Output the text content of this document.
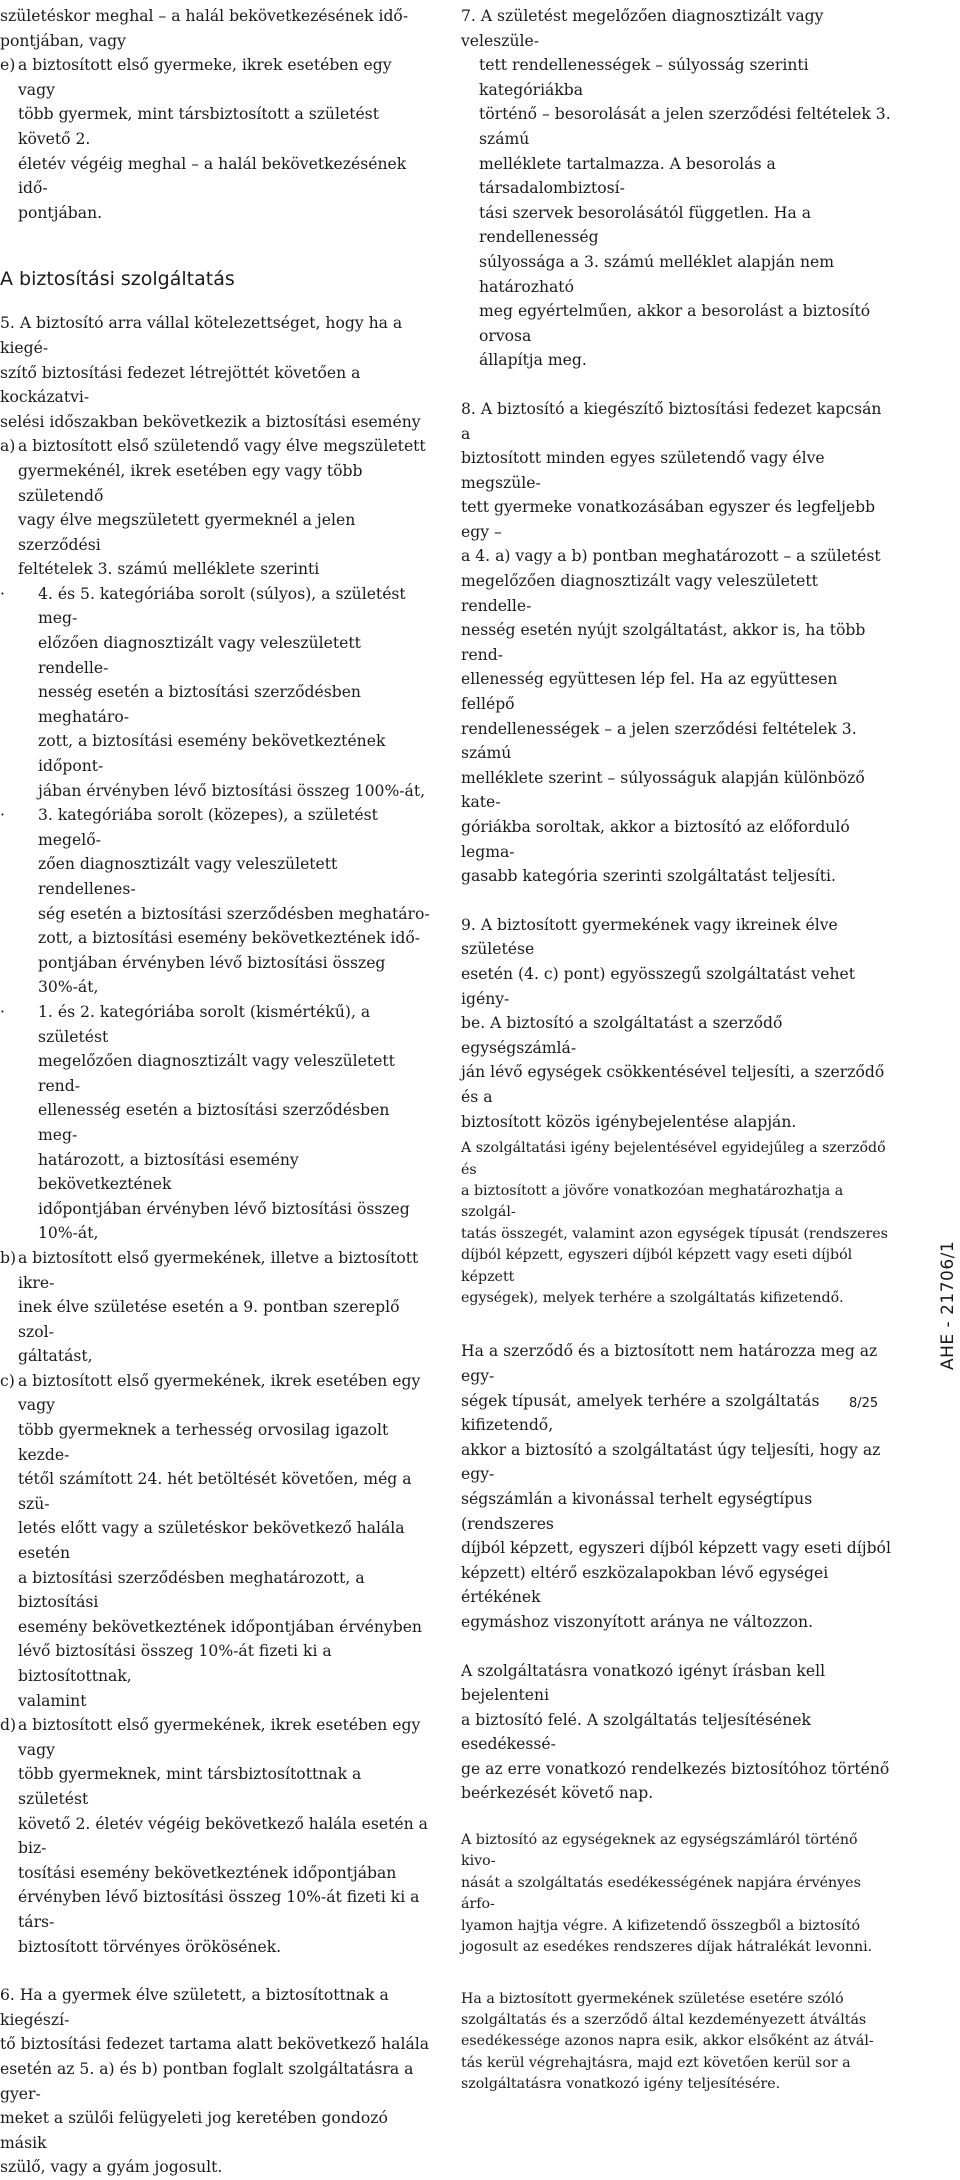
születéskor meghal – a halál bekövetkezésének idő-

pontjában, vagy

e) a biztosított első gyermeke, ikrek esetében egy vagy

több gyermek, mint társbiztosított a születést követő 2.

életév végéig meghal – a halál bekövetkezésének idő-

pontjában.

A biztosítási szolgáltatás

5. A biztosító arra vállal kötelezettséget, hogy ha a kiegé-

szítő biztosítási fedezet létrejöttét követően a kockázatvi-

selési időszakban bekövetkezik a biztosítási esemény

a) a biztosított első születendő vagy élve megszületett

gyermekénél, ikrek esetében egy vagy több születendő

vagy élve megszületett gyermeknél a jelen szerződési

feltételek 3. számú melléklete szerinti

·	4. és 5. kategóriába sorolt (súlyos), a születést meg-

előzően diagnosztizált vagy veleszületett rendelle-

nesség esetén a biztosítási szerződésben meghatáro-

zott, a biztosítási esemény bekövetkeztének időpont-

jában érvényben lévő biztosítási összeg 100%-át,

·	3. kategóriába sorolt (közepes), a születést megelő-

zően diagnosztizált vagy veleszületett rendellenes-

ség esetén a biztosítási szerződésben meghatáro-

zott, a biztosítási esemény bekövetkeztének idő-

pontjában érvényben lévő biztosítási összeg 30%-át,

·	1. és 2. kategóriába sorolt (kismértékű), a születést

megelőzően diagnosztizált vagy veleszületett rend-

ellenesség esetén a biztosítási szerződésben meg-

határozott, a biztosítási esemény bekövetkeztének

időpontjában érvényben lévő biztosítási összeg

10%-át,

b) a biztosított első gyermekének, illetve a biztosított ikre-

inek élve születése esetén a 9. pontban szereplő szol-

gáltatást,

c) a biztosított első gyermekének, ikrek esetében egy vagy

több gyermeknek a terhesség orvosilag igazolt kezde-

tétől számított 24. hét betöltését követően, még a szü-

letés előtt vagy a születéskor bekövetkező halála esetén

a biztosítási szerződésben meghatározott, a biztosítási

esemény bekövetkeztének időpontjában érvényben

lévő biztosítási összeg 10%-át fizeti ki a biztosítottnak,

valamint

d) a biztosított első gyermekének, ikrek esetében egy vagy

több gyermeknek, mint társbiztosítottnak a születést

követő 2. életév végéig bekövetkező halála esetén a biz-

tosítási esemény bekövetkeztének időpontjában

érvényben lévő biztosítási összeg 10%-át fizeti ki a társ-

biztosított törvényes örökösének.

6. Ha a gyermek élve született, a biztosítottnak a kiegészí-

tő biztosítási fedezet tartama alatt bekövetkező halála

esetén az 5. a) és b) pontban foglalt szolgáltatásra a gyer-

meket a szülői felügyeleti jog keretében gondozó másik

szülő, vagy a gyám jogosult.

7. A születést megelőzően diagnosztizált vagy veleszüle-

tett rendellenességek – súlyosság szerinti kategóriákba

történő – besorolását a jelen szerződési feltételek 3. számú

melléklete tartalmazza. A besorolás a társadalombiztosí-

tási szervek besorolásától független. Ha a rendellenesség

súlyossága a 3. számú melléklet alapján nem határozható

meg egyértelműen, akkor a besorolást a biztosító orvosa

állapítja meg.

8. A biztosító a kiegészítő biztosítási fedezet kapcsán a

biztosított minden egyes születendő vagy élve megszüle-

tett gyermeke vonatkozásában egyszer és legfeljebb egy –

a 4. a) vagy a b) pontban meghatározott – a születést

megelőzően diagnosztizált vagy veleszületett rendelle-

nesség esetén nyújt szolgáltatást, akkor is, ha több rend-

ellenesség együttesen lép fel. Ha az együttesen fellépő

rendellenességek – a jelen szerződési feltételek 3. számú

melléklete szerint – súlyosságuk alapján különböző kate-

góriákba soroltak, akkor a biztosító az előforduló legma-

gasabb kategória szerinti szolgáltatást teljesíti.

9. A biztosított gyermekének vagy ikreinek élve születése

esetén (4. c) pont) egyösszegű szolgáltatást vehet igény-

be. A biztosító a szolgáltatást a szerződő egységszámlá-

ján lévő egységek csökkentésével teljesíti, a szerződő és a

biztosított közös igénybejelentése alapján.

A szolgáltatási igény bejelentésével egyidejűleg a szerződő és

a biztosított a jövőre vonatkozóan meghatározhatja a szolgál-

tatás összegét, valamint azon egységek típusát (rendszeres

díjból képzett, egyszeri díjból képzett vagy eseti díjból képzett

egységek), melyek terhére a szolgáltatás kifizetendő.

Ha a szerződő és a biztosított nem határozza meg az egy-

ségek típusát, amelyek terhére a szolgáltatás kifizetendő,

akkor a biztosító a szolgáltatást úgy teljesíti, hogy az egy-

ségszámlán a kivonással terhelt egységtípus (rendszeres

díjból képzett, egyszeri díjból képzett vagy eseti díjból

képzett) eltérő eszközalapokban lévő egységei értékének

egymáshoz viszonyított aránya ne változzon.

A szolgáltatásra vonatkozó igényt írásban kell bejelenteni

a biztosító felé. A szolgáltatás teljesítésének esedékessé-

ge az erre vonatkozó rendelkezés biztosítóhoz történő

beérkezését követő nap.

A biztosító az egységeknek az egységszámláról történő kivo-

nását a szolgáltatás esedékességének napjára érvényes árfo-

lyamon hajtja végre. A kifizetendő összegből a biztosító

jogosult az esedékes rendszeres díjak hátralékát levonni.

Ha a biztosított gyermekének születése esetére szóló

szolgáltatás és a szerződő által kezdeményezett átváltás

esedékessége azonos napra esik, akkor elsőként az átvál-

tás kerül végrehajtásra, majd ezt követően kerül sor a

szolgáltatásra vonatkozó igény teljesítésére.

AHE - 21706/1
8/25
